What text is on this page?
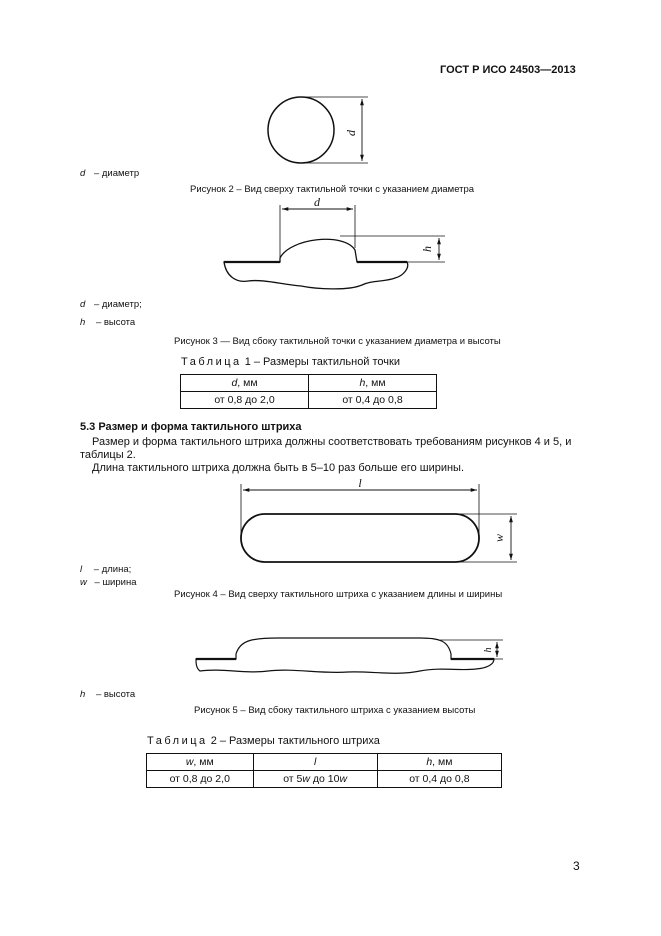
ГОСТ Р ИСО 24503—2013
d
d
h
l
w
h
d – диаметр
Рисунок 2 – Вид сверху тактильной точки с указанием диаметра
d – диаметр;
h – высота
Рисунок 3 — Вид сбоку тактильной точки с указанием диаметра и высоты
Таблица 1 – Размеры тактильной точки
d, мм	h, мм
от 0,8 до 2,0	от 0,4 до 0,8
5.3 Размер и форма тактильного штриха
Размер и форма тактильного штриха должны соответствовать требованиям рисунков 4 и 5, и
таблицы 2.
Длина тактильного штриха должна быть в 5–10 раз больше его ширины.
l – длина;
w – ширина
Рисунок 4 – Вид сверху тактильного штриха с указанием длины и ширины
h – высота
Рисунок 5 – Вид сбоку тактильного штриха с указанием высоты
Таблица 2 – Размеры тактильного штриха
w, мм	l	h, мм
от 0,8 до 2,0	от 5w до 10w	от 0,4 до 0,8
3
